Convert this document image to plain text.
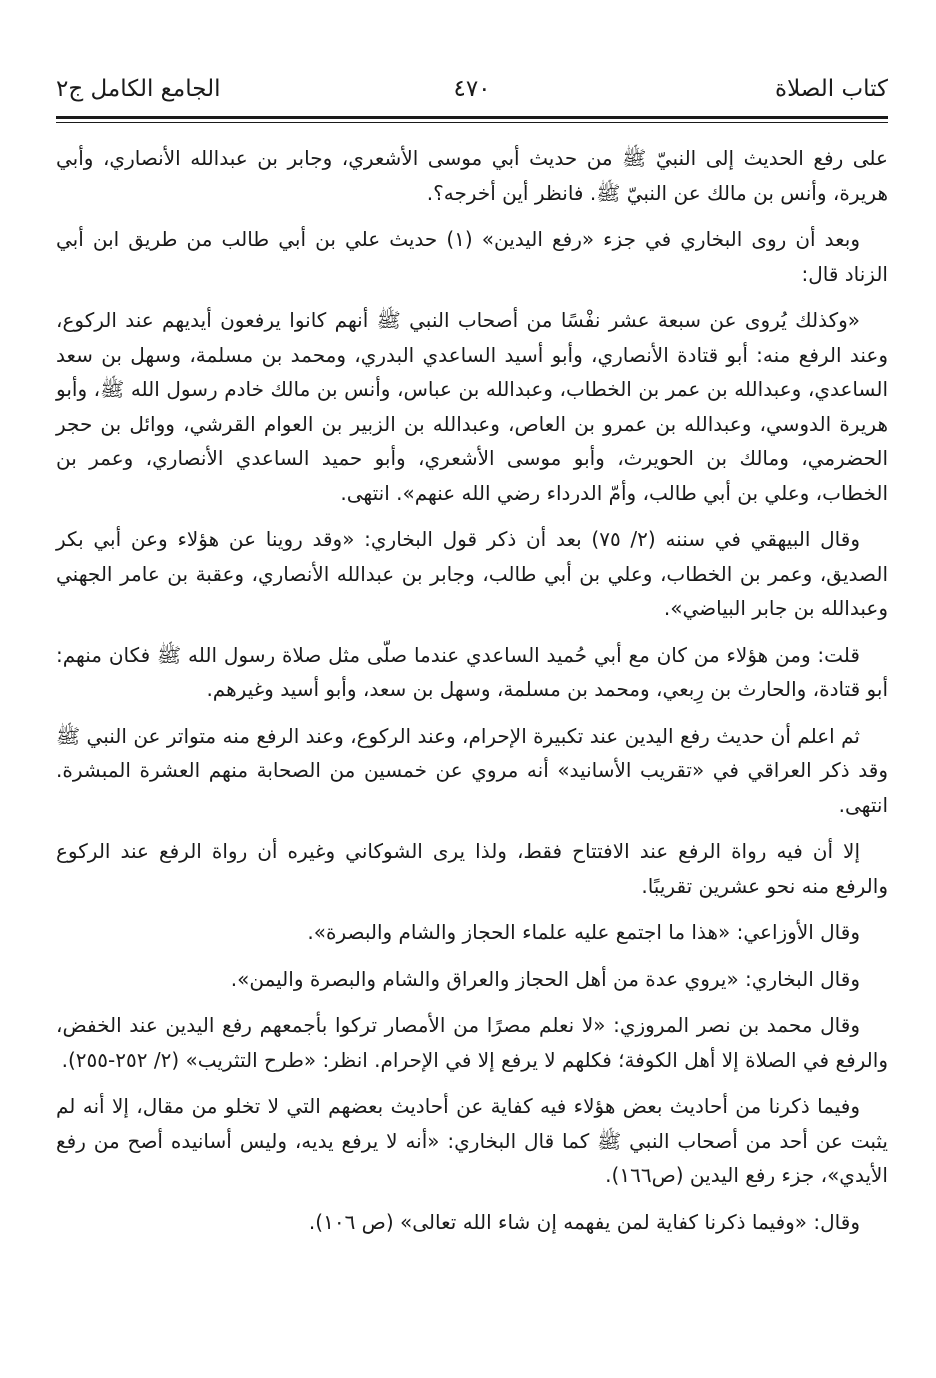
كتاب الصلاة
٤٧٠
الجامع الكامل ج٢

على رفع الحديث إلى النبيّ ﷺ من حديث أبي موسى الأشعري، وجابر بن عبدالله الأنصاري، وأبي هريرة، وأنس بن مالك عن النبيّ ﷺ. فانظر أين أخرجه؟.

وبعد أن روى البخاري في جزء «رفع اليدين» (١) حديث علي بن أبي طالب من طريق ابن أبي الزناد قال:

«وكذلك يُروى عن سبعة عشر نفْسًا من أصحاب النبي ﷺ أنهم كانوا يرفعون أيديهم عند الركوع، وعند الرفع منه: أبو قتادة الأنصاري، وأبو أسيد الساعدي البدري، ومحمد بن مسلمة، وسهل بن سعد الساعدي، وعبدالله بن عمر بن الخطاب، وعبدالله بن عباس، وأنس بن مالك خادم رسول الله ﷺ، وأبو هريرة الدوسي، وعبدالله بن عمرو بن العاص، وعبدالله بن الزبير بن العوام القرشي، ووائل بن حجر الحضرمي، ومالك بن الحويرث، وأبو موسى الأشعري، وأبو حميد الساعدي الأنصاري، وعمر بن الخطاب، وعلي بن أبي طالب، وأمّ الدرداء رضي الله عنهم». انتهى.

وقال البيهقي في سننه (٢/ ٧٥) بعد أن ذكر قول البخاري: «وقد روينا عن هؤلاء وعن أبي بكر الصديق، وعمر بن الخطاب، وعلي بن أبي طالب، وجابر بن عبدالله الأنصاري، وعقبة بن عامر الجهني وعبدالله بن جابر البياضي».

قلت: ومن هؤلاء من كان مع أبي حُميد الساعدي عندما صلّى مثل صلاة رسول الله ﷺ فكان منهم: أبو قتادة، والحارث بن رِبعي، ومحمد بن مسلمة، وسهل بن سعد، وأبو أسيد وغيرهم.

ثم اعلم أن حديث رفع اليدين عند تكبيرة الإحرام، وعند الركوع، وعند الرفع منه متواتر عن النبي ﷺ وقد ذكر العراقي في «تقريب الأسانيد» أنه مروي عن خمسين من الصحابة منهم العشرة المبشرة. انتهى.

إلا أن فيه رواة الرفع عند الافتتاح فقط، ولذا يرى الشوكاني وغيره أن رواة الرفع عند الركوع والرفع منه نحو عشرين تقريبًا.

وقال الأوزاعي: «هذا ما اجتمع عليه علماء الحجاز والشام والبصرة».

وقال البخاري: «يروي عدة من أهل الحجاز والعراق والشام والبصرة واليمن».

وقال محمد بن نصر المروزي: «لا نعلم مصرًا من الأمصار تركوا بأجمعهم رفع اليدين عند الخفض، والرفع في الصلاة إلا أهل الكوفة؛ فكلهم لا يرفع إلا في الإحرام. انظر: «طرح التثريب» (٢/ ٢٥٢-٢٥٥).

وفيما ذكرنا من أحاديث بعض هؤلاء فيه كفاية عن أحاديث بعضهم التي لا تخلو من مقال، إلا أنه لم يثبت عن أحد من أصحاب النبي ﷺ كما قال البخاري: «أنه لا يرفع يديه، وليس أسانيده أصح من رفع الأيدي»، جزء رفع اليدين (ص١٦٦).

وقال: «وفيما ذكرنا كفاية لمن يفهمه إن شاء الله تعالى» (ص ١٠٦).
